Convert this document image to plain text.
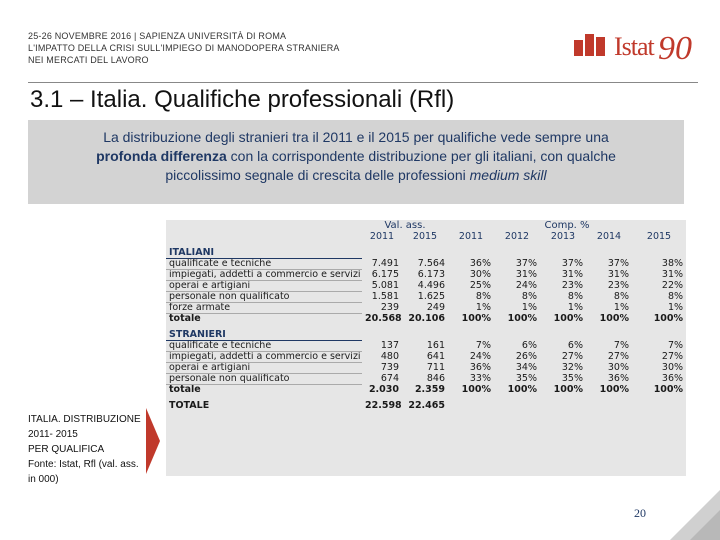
25-26 NOVEMBRE 2016 | SAPIENZA UNIVERSITÀ DI ROMA
L'IMPATTO DELLA CRISI SULL'IMPIEGO DI MANODOPERA STRANIERA
NEI MERCATI DEL LAVORO	Istat 90
3.1 – Italia. Qualifiche professionali (Rfl)
La distribuzione degli stranieri tra il 2011 e il 2015 per qualifiche vede sempre una
profonda differenza con la corrispondente distribuzione per gli italiani, con qualche
piccolissimo segnale di crescita delle professioni medium skill
	Val. ass.		Comp. %				
	2011	2015	2011	2012	2013	2014	2015

ITALIANI							
qualificate e tecniche	7.491	7.564	36%	37%	37%	37%	38%
impiegati, addetti a commercio e servizi	6.175	6.173	30%	31%	31%	31%	31%
operai e artigiani	5.081	4.496	25%	24%	23%	23%	22%
personale non qualificato	1.581	1.625	8%	8%	8%	8%	8%
forze armate	239	249	1%	1%	1%	1%	1%
totale	20.568	20.106	100%	100%	100%	100%	100%

STRANIERI							
qualificate e tecniche	137	161	7%	6%	6%	7%	7%
impiegati, addetti a commercio e servizi	480	641	24%	26%	27%	27%	27%
operai e artigiani	739	711	36%	34%	32%	30%	30%
personale non qualificato	674	846	33%	35%	35%	36%	36%
totale	2.030	2.359	100%	100%	100%	100%	100%

TOTALE	22.598	22.465					
ITALIA. DISTRIBUZIONE
2011- 2015
PER QUALIFICA
Fonte: Istat, Rfl (val. ass.
in 000)
20
